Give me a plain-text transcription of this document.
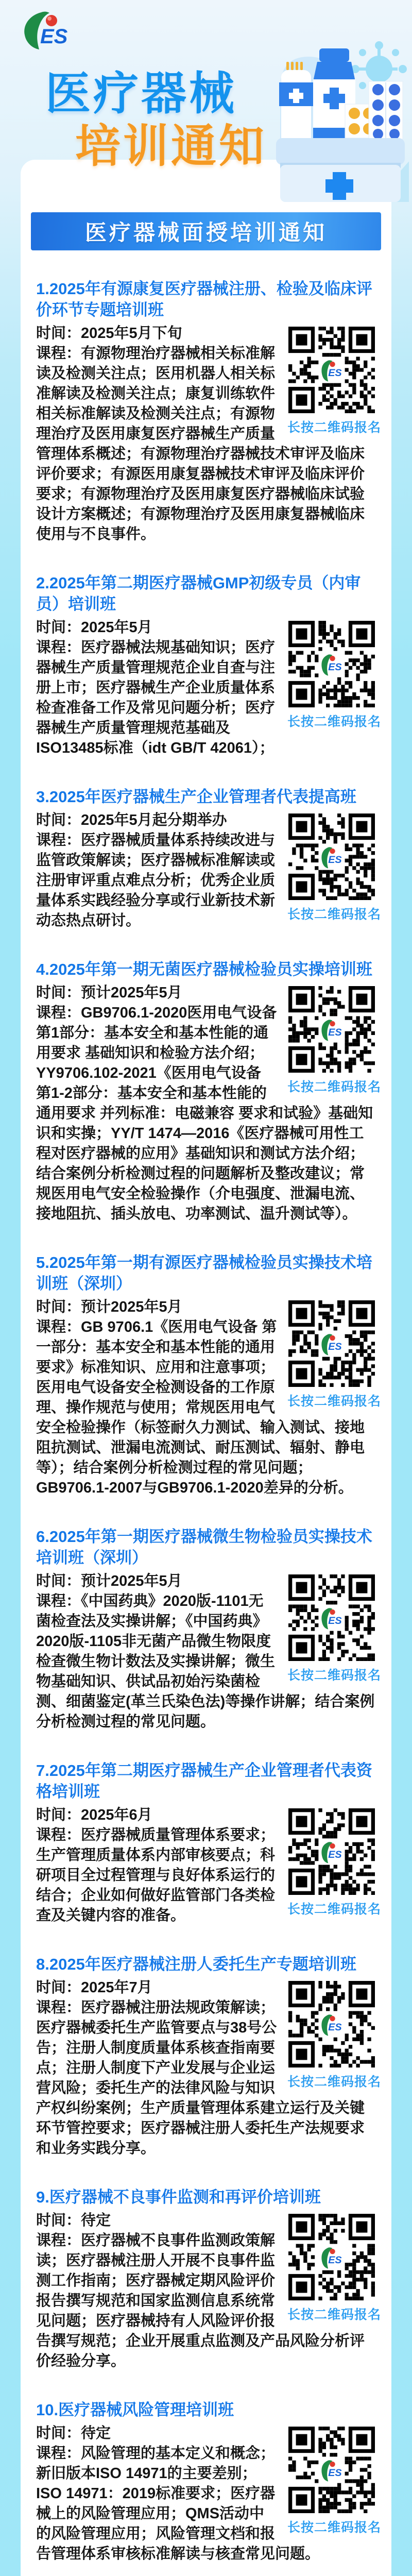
ES
医疗器械
培训通知
医疗器械面授培训通知
1.2025年有源康复医疗器械注册、检验及临床评价环节专题培训班
ES
长按二维码报名

时间：2025年5月下旬

课程：有源物理治疗器械相关标准解读及检测关注点；医用机器人相关标准解读及检测关注点；康复训练软件相关标准解读及检测关注点；有源物理治疗及医用康复医疗器械生产质量管理体系概述；有源物理治疗器械技术审评及临床评价要求；有源医用康复器械技术审评及临床评价要求；有源物理治疗及医用康复医疗器械临床试验设计方案概述；有源物理治疗及医用康复器械临床使用与不良事件。

2.2025年第二期医疗器械GMP初级专员（内审员）培训班
ES
长按二维码报名

时间：2025年5月

课程：医疗器械法规基础知识；医疗器械生产质量管理规范企业自查与注册上市；医疗器械生产企业质量体系检查准备工作及常见问题分析；医疗器械生产质量管理规范基础及ISO13485标准（idt GB/T 42061）；

3.2025年医疗器械生产企业管理者代表提高班
ES
长按二维码报名

时间：2025年5月起分期举办

课程：医疗器械质量体系持续改进与监管政策解读；医疗器械标准解读或注册审评重点难点分析；优秀企业质量体系实践经验分享或行业新技术新动态热点研讨。

4.2025年第一期无菌医疗器械检验员实操培训班
ES
长按二维码报名

时间：预计2025年5月

课程：GB9706.1-2020医用电气设备 第1部分：基本安全和基本性能的通用要求 基础知识和检验方法介绍；YY9706.102-2021《医用电气设备 第1-2部分：基本安全和基本性能的通用要求 并列标准：电磁兼容 要求和试验》基础知识和实操；YY/T 1474—2016《医疗器械可用性工程对医疗器械的应用》基础知识和测试方法介绍；结合案例分析检测过程的问题解析及整改建议；常规医用电气安全检验操作（介电强度、泄漏电流、接地阻抗、插头放电、功率测试、温升测试等）。

5.2025年第一期有源医疗器械检验员实操技术培训班（深圳）
ES
长按二维码报名

时间：预计2025年5月

课程：GB 9706.1《医用电气设备 第一部分：基本安全和基本性能的通用要求》标准知识、应用和注意事项；医用电气设备安全检测设备的工作原理、操作规范与使用；常规医用电气安全检验操作（标签耐久力测试、输入测试、接地阻抗测试、泄漏电流测试、耐压测试、辐射、静电等）；结合案例分析检测过程的常见问题；GB9706.1-2007与GB9706.1-2020差异的分析。

6.2025年第一期医疗器械微生物检验员实操技术培训班（深圳）
ES
长按二维码报名

时间：预计2025年5月

课程：《中国药典》2020版-1101无菌检查法及实操讲解；《中国药典》2020版-1105非无菌产品微生物限度检查微生物计数法及实操讲解；微生物基础知识、供试品初始污染菌检测、细菌鉴定(革兰氏染色法)等操作讲解；结合案例分析检测过程的常见问题。

7.2025年第二期医疗器械生产企业管理者代表资格培训班
ES
长按二维码报名

时间：2025年6月

课程：医疗器械质量管理体系要求；生产管理质量体系内部审核要点；科研项目全过程管理与良好体系运行的结合；企业如何做好监管部门各类检查及关键内容的准备。

8.2025年医疗器械注册人委托生产专题培训班
ES
长按二维码报名

时间：2025年7月

课程：医疗器械注册法规政策解读；医疗器械委托生产监管要点与38号公告；注册人制度质量体系核查指南要点；注册人制度下产业发展与企业运营风险；委托生产的法律风险与知识产权纠纷案例；生产质量管理体系建立运行及关键环节管控要求；医疗器械注册人委托生产法规要求和业务实践分享。

9.医疗器械不良事件监测和再评价培训班
ES
长按二维码报名

时间：待定

课程：医疗器械不良事件监测政策解读；医疗器械注册人开展不良事件监测工作指南；医疗器械定期风险评价报告撰写规范和国家监测信息系统常见问题；医疗器械持有人风险评价报告撰写规范；企业开展重点监测及产品风险分析评价经验分享。

10.医疗器械风险管理培训班
ES
长按二维码报名

时间：待定

课程：风险管理的基本定义和概念；新旧版本ISO 14971的主要差别；ISO 14971：2019标准要求；医疗器械上的风险管理应用；QMS活动中的风险管理应用；风险管理文档和报告管理体系审核标准解读与核查常见问题。
